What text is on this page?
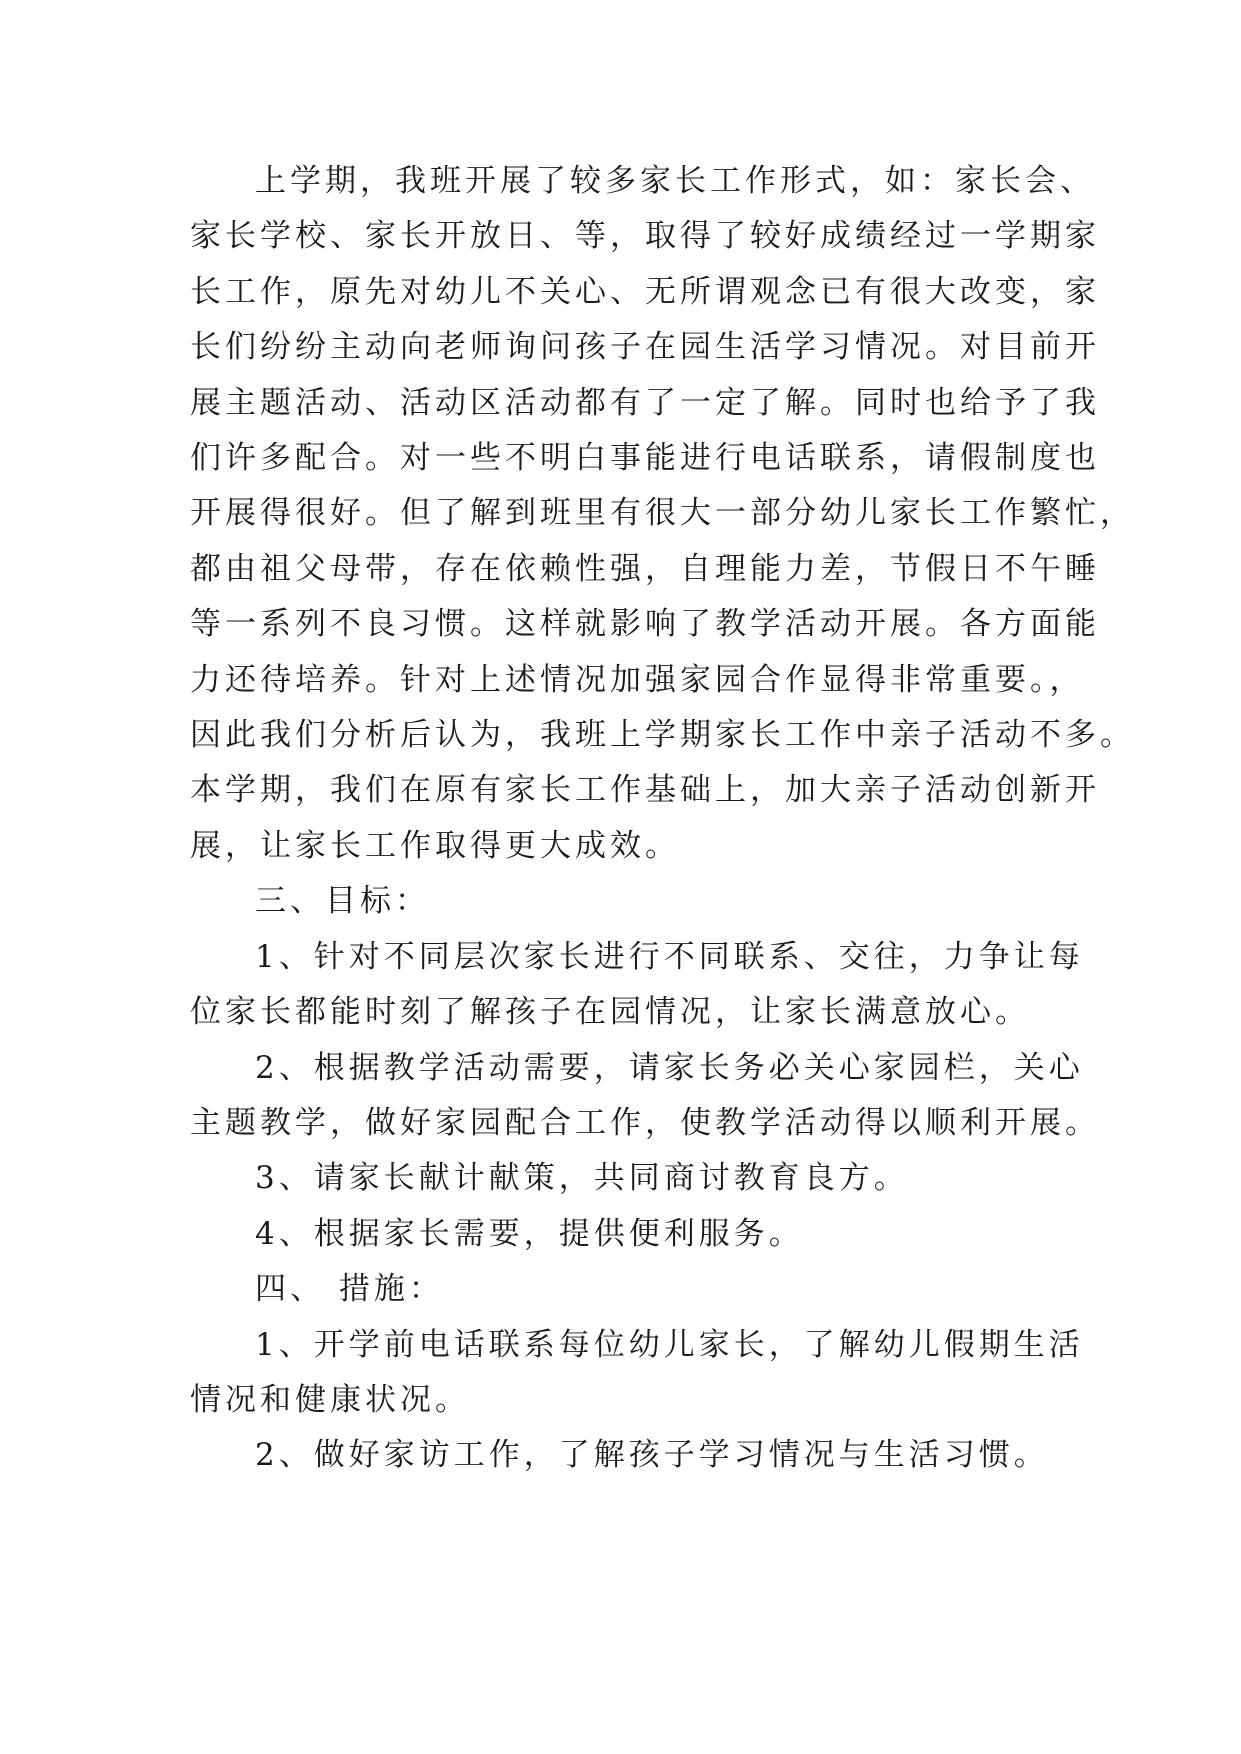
上学期，我班开展了较多家长工作形式，如：家长会、
家长学校、家长开放日、等，取得了较好成绩经过一学期家
长工作，原先对幼儿不关心、无所谓观念已有很大改变，家
长们纷纷主动向老师询问孩子在园生活学习情况。对目前开
展主题活动、活动区活动都有了一定了解。同时也给予了我
们许多配合。对一些不明白事能进行电话联系，请假制度也
开展得很好。但了解到班里有很大一部分幼儿家长工作繁忙，
都由祖父母带，存在依赖性强，自理能力差，节假日不午睡
等一系列不良习惯。这样就影响了教学活动开展。各方面能
力还待培养。针对上述情况加强家园合作显得非常重要。，
因此我们分析后认为，我班上学期家长工作中亲子活动不多。
本学期，我们在原有家长工作基础上，加大亲子活动创新开
展，让家长工作取得更大成效。

三、目标：

1、针对不同层次家长进行不同联系、交往，力争让每
位家长都能时刻了解孩子在园情况，让家长满意放心。

2、根据教学活动需要，请家长务必关心家园栏，关心
主题教学，做好家园配合工作，使教学活动得以顺利开展。

3、请家长献计献策，共同商讨教育良方。

4、根据家长需要，提供便利服务。

四、 措施：

1、开学前电话联系每位幼儿家长，了解幼儿假期生活
情况和健康状况。

2、做好家访工作，了解孩子学习情况与生活习惯。
